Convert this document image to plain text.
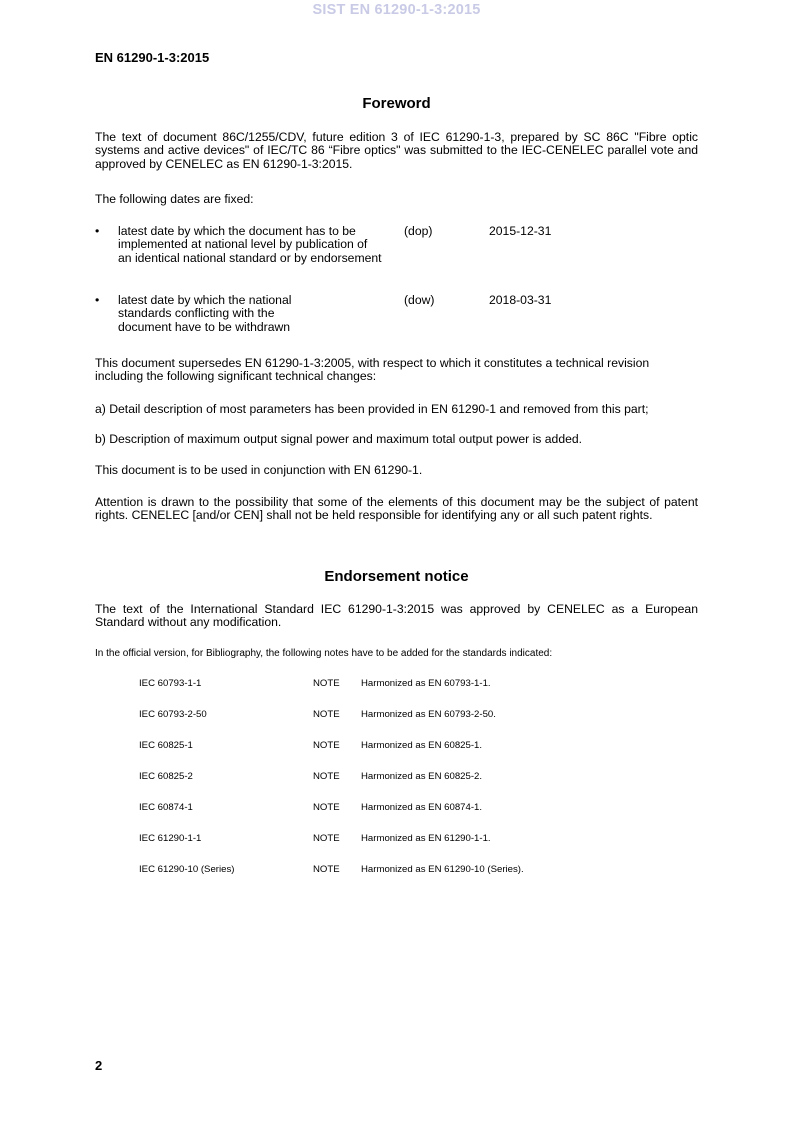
SIST EN 61290-1-3:2015
EN 61290-1-3:2015
Foreword
The text of document 86C/1255/CDV, future edition 3 of IEC 61290-1-3, prepared by SC 86C "Fibre optic systems and active devices" of IEC/TC 86 “Fibre optics" was submitted to the IEC-CENELEC parallel vote and approved by CENELEC as EN 61290-1-3:2015.
The following dates are fixed:
• latest date by which the document has to be implemented at national level by publication of an identical national standard or by endorsement
(dop)	2015-12-31
• latest date by which the national standards conflicting with the document have to be withdrawn
(dow)	2018-03-31
This document supersedes EN 61290-1-3:2005, with respect to which it constitutes a technical revision including the following significant technical changes:
a) Detail description of most parameters has been provided in EN 61290-1 and removed from this part;
b) Description of maximum output signal power and maximum total output power is added.
This document is to be used in conjunction with EN 61290-1.
Attention is drawn to the possibility that some of the elements of this document may be the subject of patent rights. CENELEC [and/or CEN] shall not be held responsible for identifying any or all such patent rights.
Endorsement notice
The text of the International Standard IEC 61290-1-3:2015 was approved by CENELEC as a European Standard without any modification.
In the official version, for Bibliography, the following notes have to be added for the standards indicated:
IEC 60793-1-1	NOTE Harmonized as EN 60793-1-1.
IEC 60793-2-50	NOTE Harmonized as EN 60793-2-50.
IEC 60825-1	NOTE Harmonized as EN 60825-1.
IEC 60825-2	NOTE Harmonized as EN 60825-2.
IEC 60874-1	NOTE Harmonized as EN 60874-1.
IEC 61290-1-1	NOTE Harmonized as EN 61290-1-1.
IEC 61290-10 (Series)	NOTE Harmonized as EN 61290-10 (Series).
2
